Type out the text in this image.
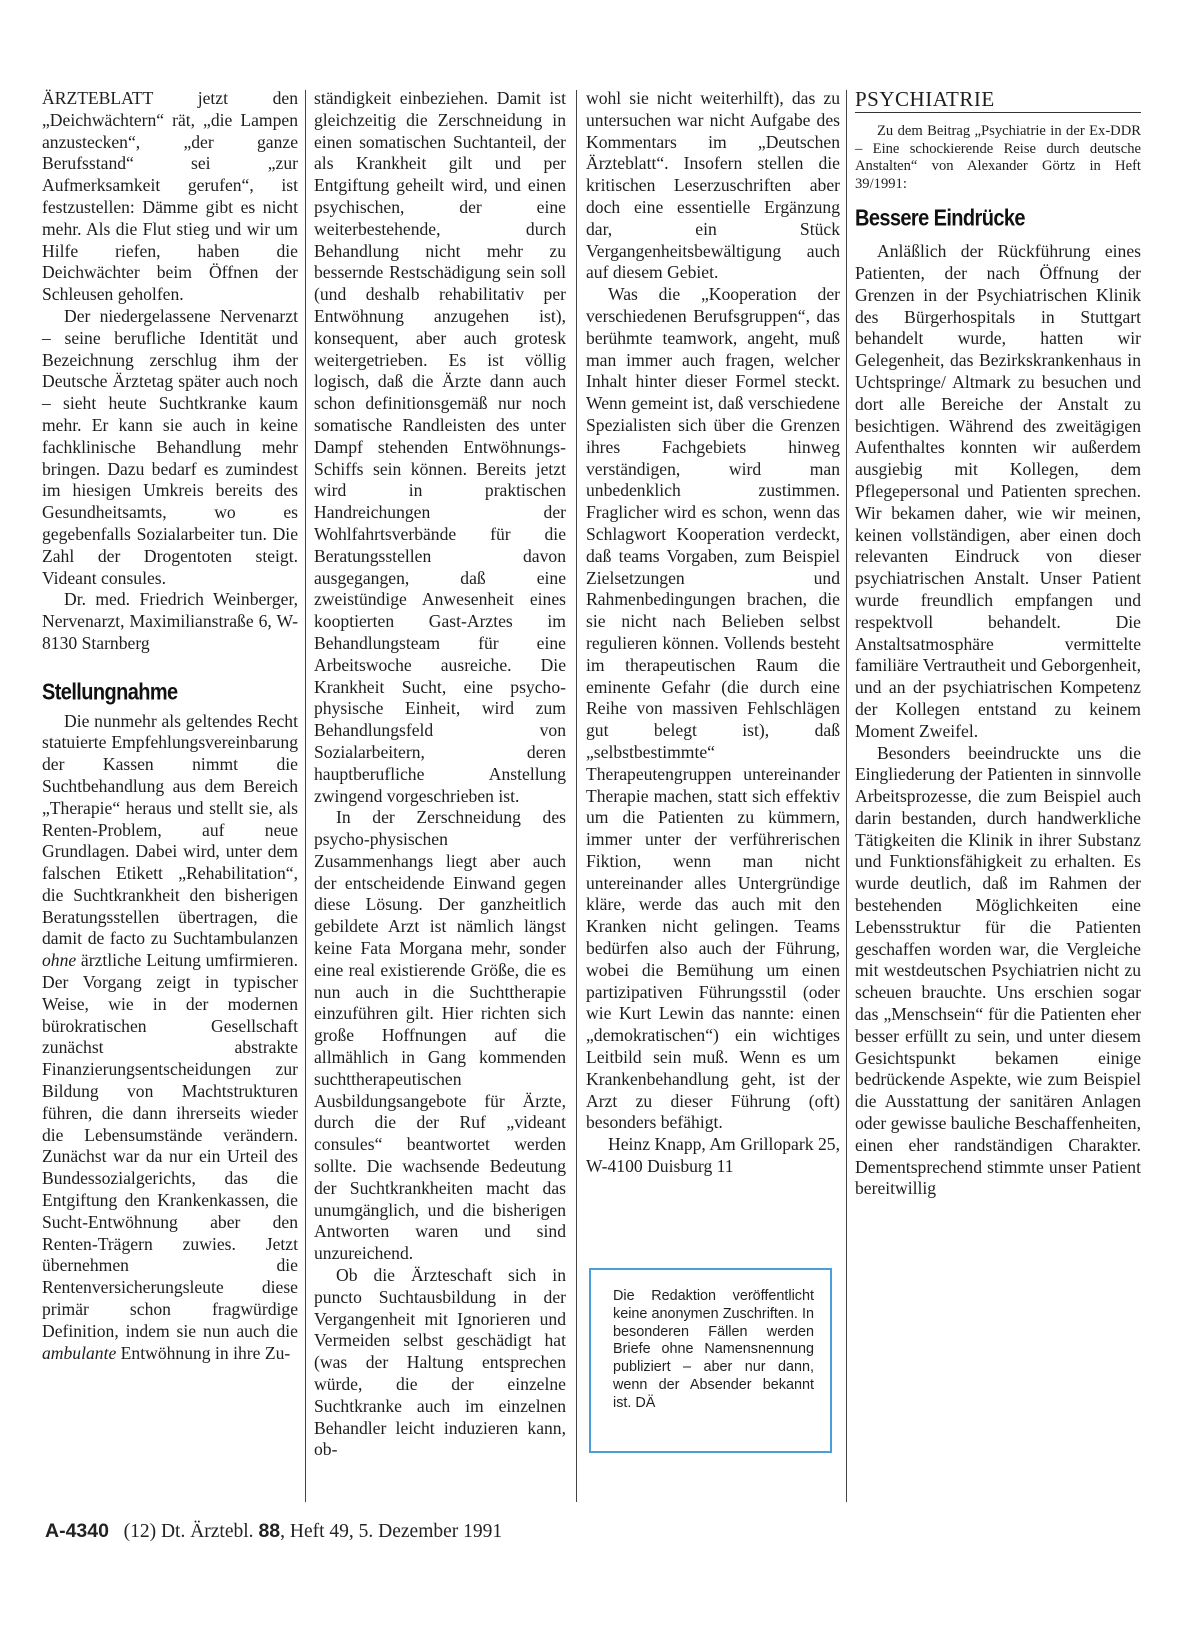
ÄRZTEBLATT jetzt den „Deichwächtern“ rät, „die Lampen anzustecken“, „der ganze Berufsstand“ sei „zur Aufmerksamkeit gerufen“, ist festzustellen: Dämme gibt es nicht mehr. Als die Flut stieg und wir um Hilfe riefen, haben die Deichwächter beim Öffnen der Schleusen geholfen.

Der niedergelassene Nervenarzt – seine berufliche Identität und Bezeichnung zerschlug ihm der Deutsche Ärztetag später auch noch – sieht heute Suchtkranke kaum mehr. Er kann sie auch in keine fachklinische Behandlung mehr bringen. Dazu bedarf es zumindest im hiesigen Umkreis bereits des Gesundheitsamts, wo es gegebenfalls Sozialarbeiter tun. Die Zahl der Drogentoten steigt. Videant consules.

Dr. med. Friedrich Weinberger, Nervenarzt, Maximilianstraße 6, W-8130 Starnberg

Stellungnahme

Die nunmehr als geltendes Recht statuierte Empfehlungsvereinbarung der Kassen nimmt die Suchtbehandlung aus dem Bereich „Therapie“ heraus und stellt sie, als Renten-Problem, auf neue Grundlagen. Dabei wird, unter dem falschen Etikett „Rehabilitation“, die Suchtkrankheit den bisherigen Beratungsstellen übertragen, die damit de facto zu Suchtambulanzen ohne ärztliche Leitung umfirmieren. Der Vorgang zeigt in typischer Weise, wie in der modernen bürokratischen Gesellschaft zunächst abstrakte Finanzierungsentscheidungen zur Bildung von Machtstrukturen führen, die dann ihrerseits wieder die Lebensumstände verändern. Zunächst war da nur ein Urteil des Bundessozialgerichts, das die Entgiftung den Krankenkassen, die Sucht-Entwöhnung aber den Renten-Trägern zuwies. Jetzt übernehmen die Rentenversicherungsleute diese primär schon fragwürdige Definition, indem sie nun auch die ambulante Entwöhnung in ihre Zu-

ständigkeit einbeziehen. Damit ist gleichzeitig die Zerschneidung in einen somatischen Suchtanteil, der als Krankheit gilt und per Entgiftung geheilt wird, und einen psychischen, der eine weiterbestehende, durch Behandlung nicht mehr zu bessernde Restschädigung sein soll (und deshalb rehabilitativ per Entwöhnung anzugehen ist), konsequent, aber auch grotesk weitergetrieben. Es ist völlig logisch, daß die Ärzte dann auch schon definitionsgemäß nur noch somatische Randleisten des unter Dampf stehenden Entwöhnungs-Schiffs sein können. Bereits jetzt wird in praktischen Handreichungen der Wohlfahrtsverbände für die Beratungsstellen davon ausgegangen, daß eine zweistündige Anwesenheit eines kooptierten Gast-Arztes im Behandlungsteam für eine Arbeitswoche ausreiche. Die Krankheit Sucht, eine psycho-physische Einheit, wird zum Behandlungsfeld von Sozialarbeitern, deren hauptberufliche Anstellung zwingend vorgeschrieben ist.

In der Zerschneidung des psycho-physischen Zusammenhangs liegt aber auch der entscheidende Einwand gegen diese Lösung. Der ganzheitlich gebildete Arzt ist nämlich längst keine Fata Morgana mehr, sonder eine real existierende Größe, die es nun auch in die Suchttherapie einzuführen gilt. Hier richten sich große Hoffnungen auf die allmählich in Gang kommenden suchttherapeutischen Ausbildungsangebote für Ärzte, durch die der Ruf „videant consules“ beantwortet werden sollte. Die wachsende Bedeutung der Suchtkrankheiten macht das unumgänglich, und die bisherigen Antworten waren und sind unzureichend.

Ob die Ärzteschaft sich in puncto Suchtausbildung in der Vergangenheit mit Ignorieren und Vermeiden selbst geschädigt hat (was der Haltung entsprechen würde, die der einzelne Suchtkranke auch im einzelnen Behandler leicht induzieren kann, ob-

wohl sie nicht weiterhilft), das zu untersuchen war nicht Aufgabe des Kommentars im „Deutschen Ärzteblatt“. Insofern stellen die kritischen Leserzuschriften aber doch eine essentielle Ergänzung dar, ein Stück Vergangenheitsbewältigung auch auf diesem Gebiet.

Was die „Kooperation der verschiedenen Berufsgruppen“, das berühmte teamwork, angeht, muß man immer auch fragen, welcher Inhalt hinter dieser Formel steckt. Wenn gemeint ist, daß verschiedene Spezialisten sich über die Grenzen ihres Fachgebiets hinweg verständigen, wird man unbedenklich zustimmen. Fraglicher wird es schon, wenn das Schlagwort Kooperation verdeckt, daß teams Vorgaben, zum Beispiel Zielsetzungen und Rahmenbedingungen brachen, die sie nicht nach Belieben selbst regulieren können. Vollends besteht im therapeutischen Raum die eminente Gefahr (die durch eine Reihe von massiven Fehlschlägen gut belegt ist), daß „selbstbestimmte“ Therapeutengruppen untereinander Therapie machen, statt sich effektiv um die Patienten zu kümmern, immer unter der verführerischen Fiktion, wenn man nicht untereinander alles Untergründige kläre, werde das auch mit den Kranken nicht gelingen. Teams bedürfen also auch der Führung, wobei die Bemühung um einen partizipativen Führungsstil (oder wie Kurt Lewin das nannte: einen „demokratischen“) ein wichtiges Leitbild sein muß. Wenn es um Krankenbehandlung geht, ist der Arzt zu dieser Führung (oft) besonders befähigt.

Heinz Knapp, Am Grillopark 25, W-4100 Duisburg 11

Die Redaktion veröffentlicht keine anonymen Zuschriften. In besonderen Fällen werden Briefe ohne Namensnennung publiziert – aber nur dann, wenn der Absender bekannt ist. DÄ
PSYCHIATRIE

Zu dem Beitrag „Psychiatrie in der Ex-DDR – Eine schockierende Reise durch deutsche Anstalten“ von Alexander Görtz in Heft 39/1991:

Bessere Eindrücke

Anläßlich der Rückführung eines Patienten, der nach Öffnung der Grenzen in der Psychiatrischen Klinik des Bürgerhospitals in Stuttgart behandelt wurde, hatten wir Gelegenheit, das Bezirkskrankenhaus in Uchtspringe/ Altmark zu besuchen und dort alle Bereiche der Anstalt zu besichtigen. Während des zweitägigen Aufenthaltes konnten wir außerdem ausgiebig mit Kollegen, dem Pflegepersonal und Patienten sprechen. Wir bekamen daher, wie wir meinen, keinen vollständigen, aber einen doch relevanten Eindruck von dieser psychiatrischen Anstalt. Unser Patient wurde freundlich empfangen und respektvoll behandelt. Die Anstaltsatmosphäre vermittelte familiäre Vertrautheit und Geborgenheit, und an der psychiatrischen Kompetenz der Kollegen entstand zu keinem Moment Zweifel.

Besonders beeindruckte uns die Eingliederung der Patienten in sinnvolle Arbeitsprozesse, die zum Beispiel auch darin bestanden, durch handwerkliche Tätigkeiten die Klinik in ihrer Substanz und Funktionsfähigkeit zu erhalten. Es wurde deutlich, daß im Rahmen der bestehenden Möglichkeiten eine Lebensstruktur für die Patienten geschaffen worden war, die Vergleiche mit westdeutschen Psychiatrien nicht zu scheuen brauchte. Uns erschien sogar das „Menschsein“ für die Patienten eher besser erfüllt zu sein, und unter diesem Gesichtspunkt bekamen einige bedrückende Aspekte, wie zum Beispiel die Ausstattung der sanitären Anlagen oder gewisse bauliche Beschaffenheiten, einen eher randständigen Charakter. Dementsprechend stimmte unser Patient bereitwillig

A-4340 (12) Dt. Ärztebl. 88, Heft 49, 5. Dezember 1991
